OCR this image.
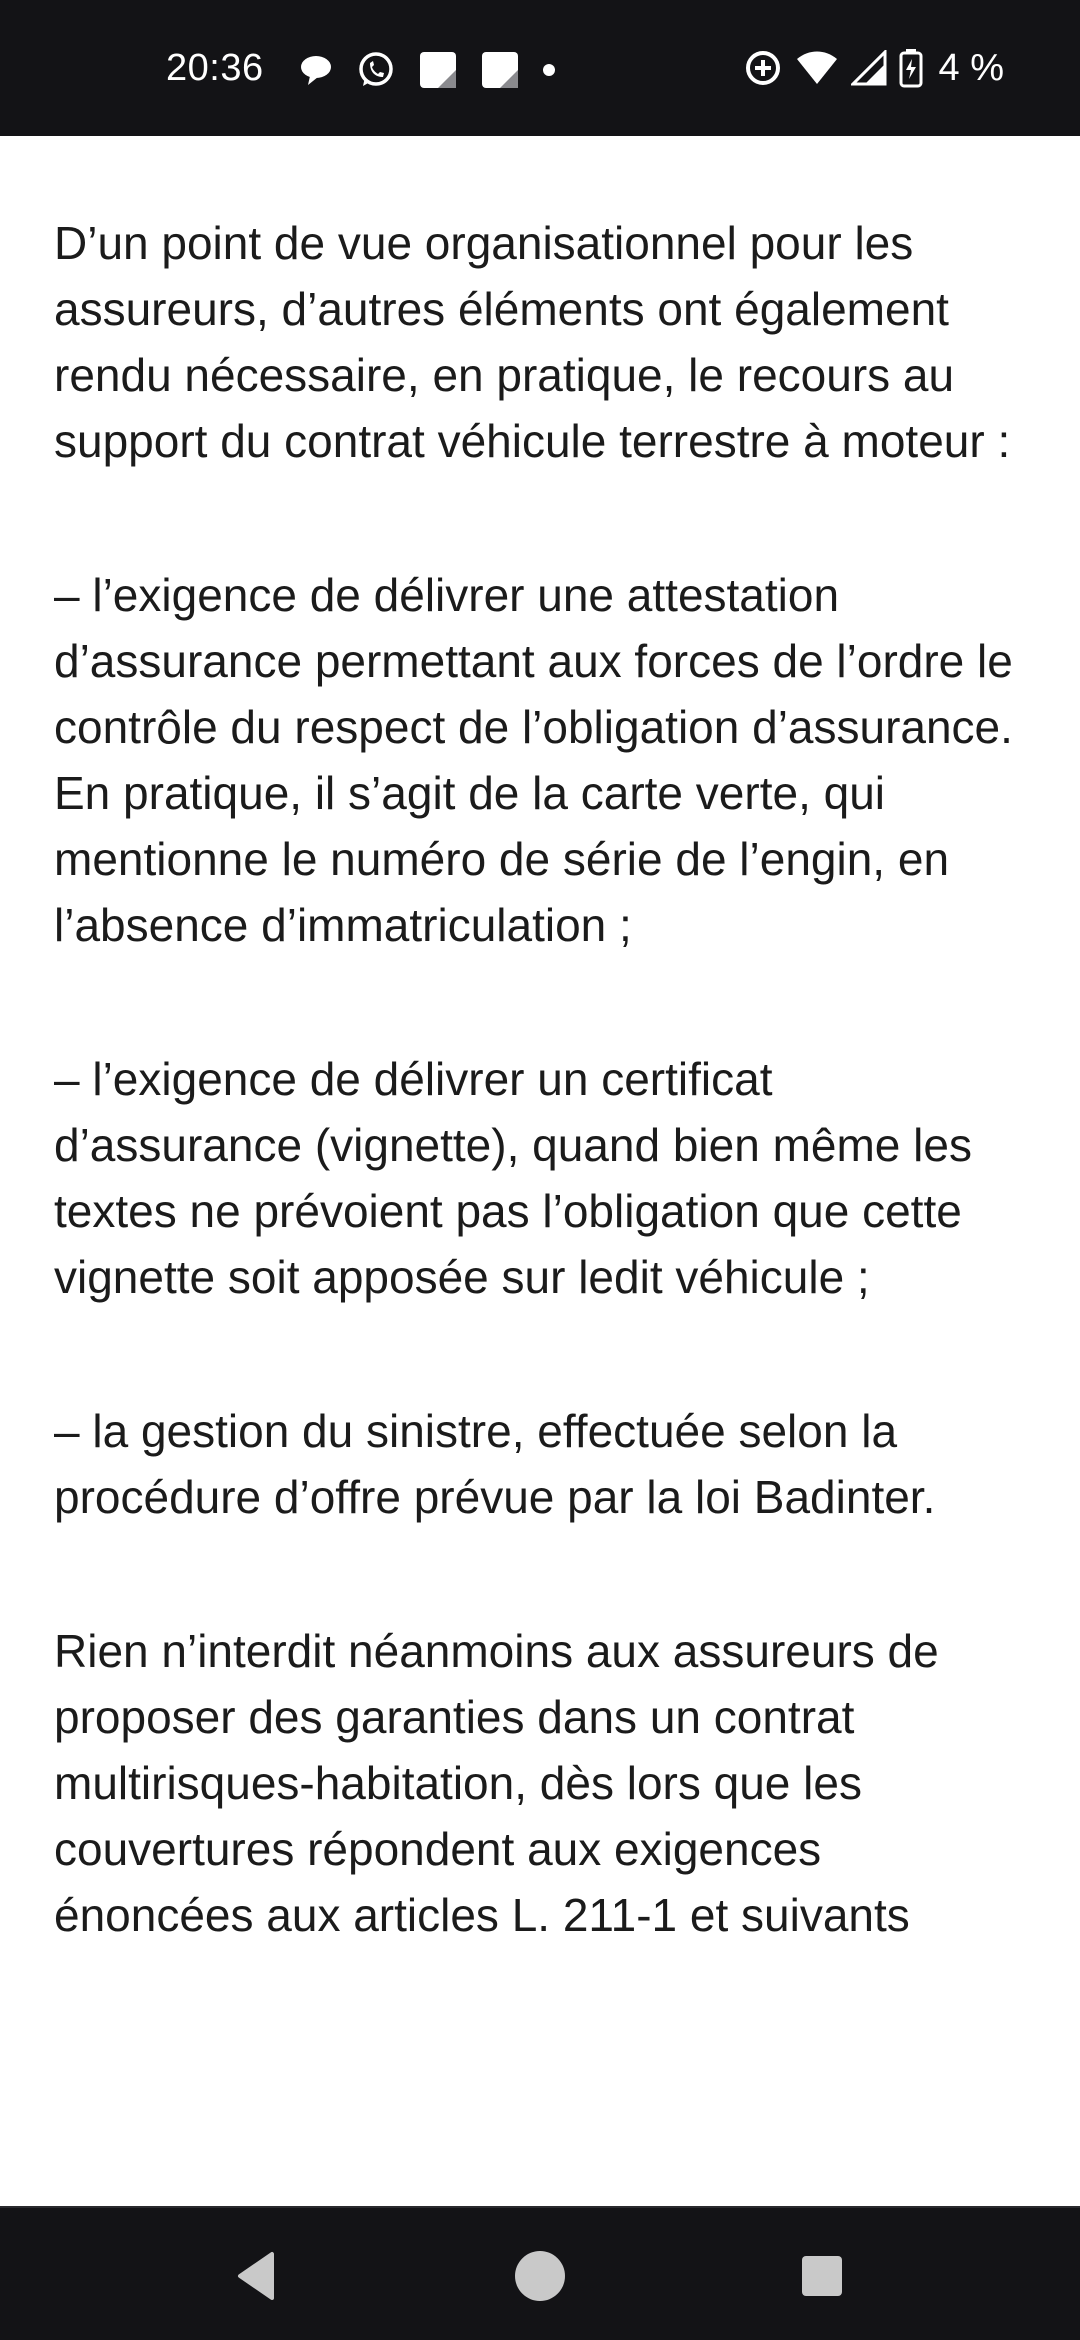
20:36	4 %

D’un point de vue organisationnel pour les assureurs, d’autres éléments ont également rendu nécessaire, en pratique, le recours au support du contrat véhicule terrestre à moteur :

– l’exigence de délivrer une attestation d’assurance permettant aux forces de l’ordre le contrôle du respect de l’obligation d’assurance. En pratique, il s’agit de la carte verte, qui mentionne le numéro de série de l’engin, en l’absence d’immatriculation ;

– l’exigence de délivrer un certificat d’assurance (vignette), quand bien même les textes ne prévoient pas l’obligation que cette vignette soit apposée sur ledit véhicule ;

– la gestion du sinistre, effectuée selon la procédure d’offre prévue par la loi Badinter.

Rien n’interdit néanmoins aux assureurs de proposer des garanties dans un contrat multirisques-habitation, dès lors que les couvertures répondent aux exigences énoncées aux articles L. 211-1 et suivants
